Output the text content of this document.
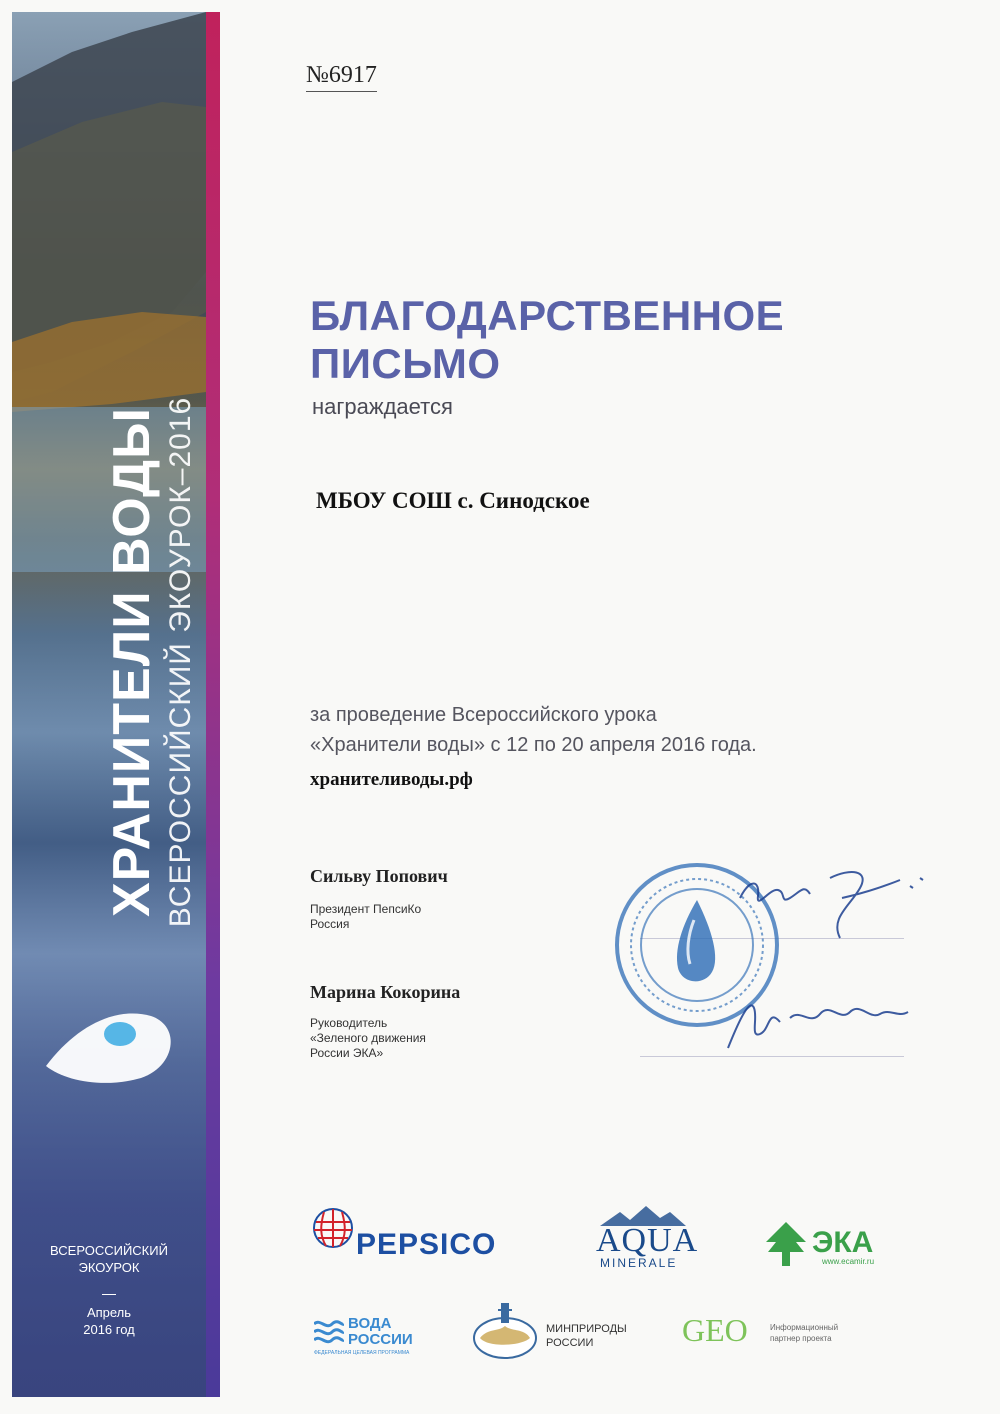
ХРАНИТЕЛИ ВОДЫ ВСЕРОССИЙСКИЙ ЭКОУРОК–2016
ВСЕРОССИЙСКИЙ
ЭКОУРОК
Апрель
2016 год
№6917
БЛАГОДАРСТВЕННОЕ
ПИСЬМО
награждается
МБОУ СОШ с. Синодское
за проведение Всероссийского урока
«Хранители воды» с 12 по 20 апреля 2016 года.
хранителиводы.рф
Сильву Попович
Президент ПепсиКо
Россия
Марина Кокорина
Руководитель
«Зеленого движения
России ЭКА»
PEPSICO	AQUA
MINERALE
ЭКА
www.ecamir.ru
ВОДА
РОССИИ
ФЕДЕРАЛЬНАЯ ЦЕЛЕВАЯ ПРОГРАММА
МИНПРИРОДЫ
РОССИИ	GEO	Информационный
партнер проекта
